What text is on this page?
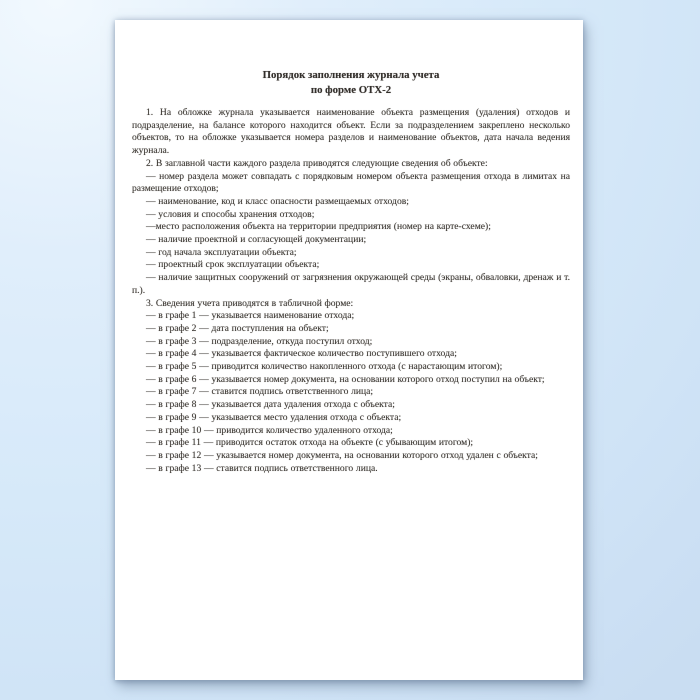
Порядок заполнения журнала учета
по форме ОТХ-2

1. На обложке журнала указывается наименование объекта размещения (удаления) отходов и подразделение, на балансе которого находится объект. Если за подразделением закреплено несколько объектов, то на обложке указывается номера разделов и наименование объектов, дата начала ведения журнала.

2. В заглавной части каждого раздела приводятся следующие сведения об объекте:

— номер раздела может совпадать с порядковым номером объекта размещения отхода в лимитах на размещение отходов;

— наименование, код и класс опасности размещаемых отходов;

— условия и способы хранения отходов;

—место расположения объекта на территории предприятия (номер на карте-схеме);

— наличие проектной и согласующей документации;

— год начала эксплуатации объекта;

— проектный срок эксплуатации объекта;

— наличие защитных сооружений от загрязнения окружающей среды (экраны, обваловки, дренаж и т. п.).

3. Сведения учета приводятся в табличной форме:

— в графе 1 — указывается наименование отхода;

— в графе 2 — дата поступления на объект;

— в графе 3 — подразделение, откуда поступил отход;

— в графе 4 — указывается фактическое количество поступившего отхода;

— в графе 5 — приводится количество накопленного отхода (с нарастающим итогом);

— в графе 6 — указывается номер документа, на основании которого отход поступил на объект;

— в графе 7 — ставится подпись ответственного лица;

— в графе 8 — указывается дата удаления отхода с объекта;

— в графе 9 — указывается место удаления отхода с объекта;

— в графе 10 — приводится количество удаленного отхода;

— в графе 11 — приводится остаток отхода на объекте (с убывающим итогом);

— в графе 12 — указывается номер документа, на основании которого отход удален с объекта;

— в графе 13 — ставится подпись ответственного лица.
